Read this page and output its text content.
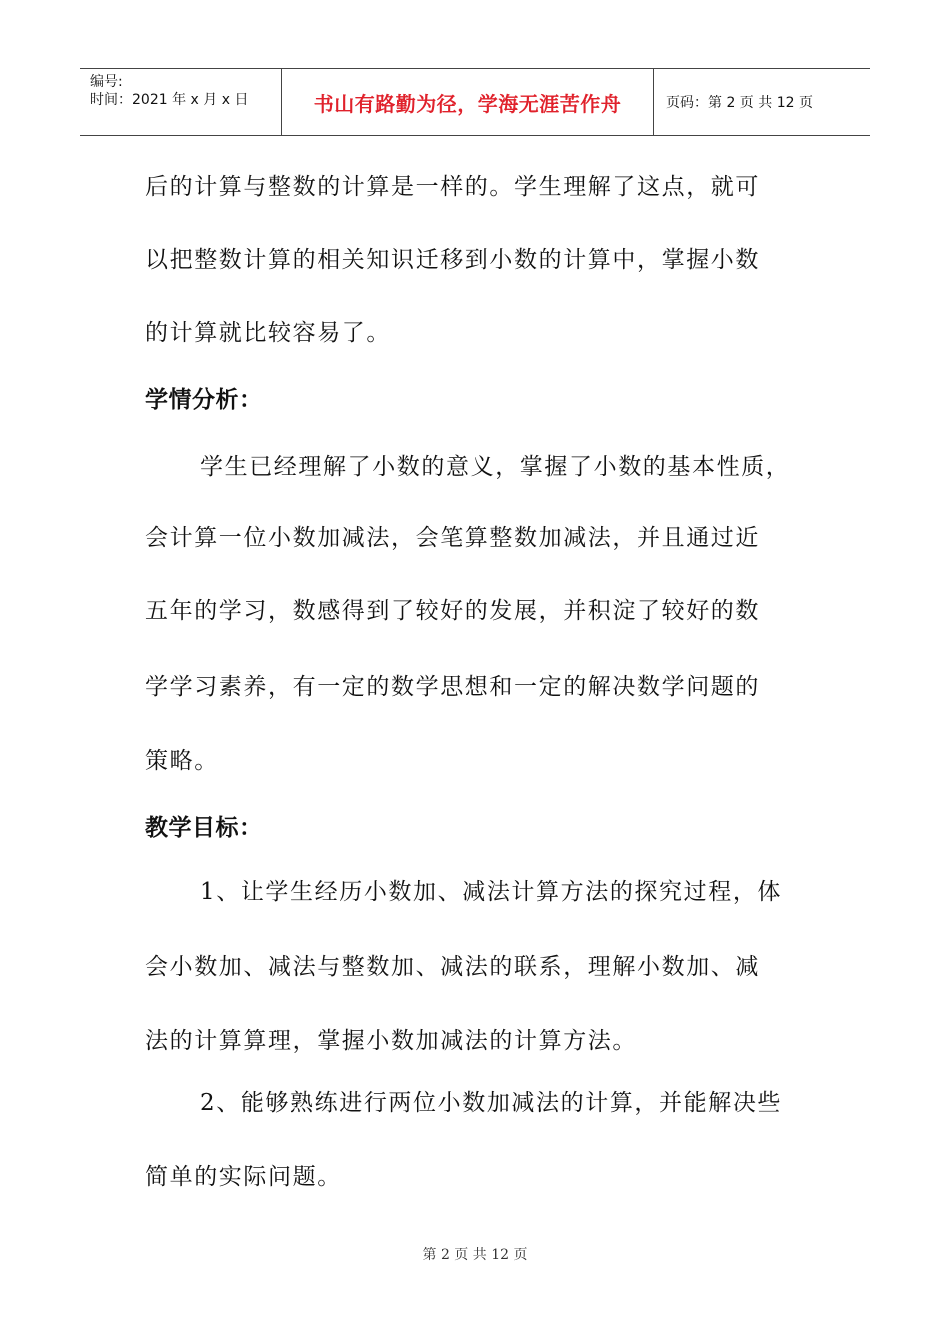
编号:
时间：2021 年 x 月 x 日	书山有路勤为径，学海无涯苦作舟	页码：第 2 页 共 12 页
后的计算与整数的计算是一样的。学生理解了这点，就可
以把整数计算的相关知识迁移到小数的计算中，掌握小数
的计算就比较容易了。
学情分析：
学生已经理解了小数的意义，掌握了小数的基本性质，
会计算一位小数加减法，会笔算整数加减法，并且通过近
五年的学习，数感得到了较好的发展，并积淀了较好的数
学学习素养，有一定的数学思想和一定的解决数学问题的
策略。
教学目标：
1、让学生经历小数加、减法计算方法的探究过程，体
会小数加、减法与整数加、减法的联系，理解小数加、减
法的计算算理，掌握小数加减法的计算方法。
2、能够熟练进行两位小数加减法的计算，并能解决些
简单的实际问题。
第 2 页 共 12 页
